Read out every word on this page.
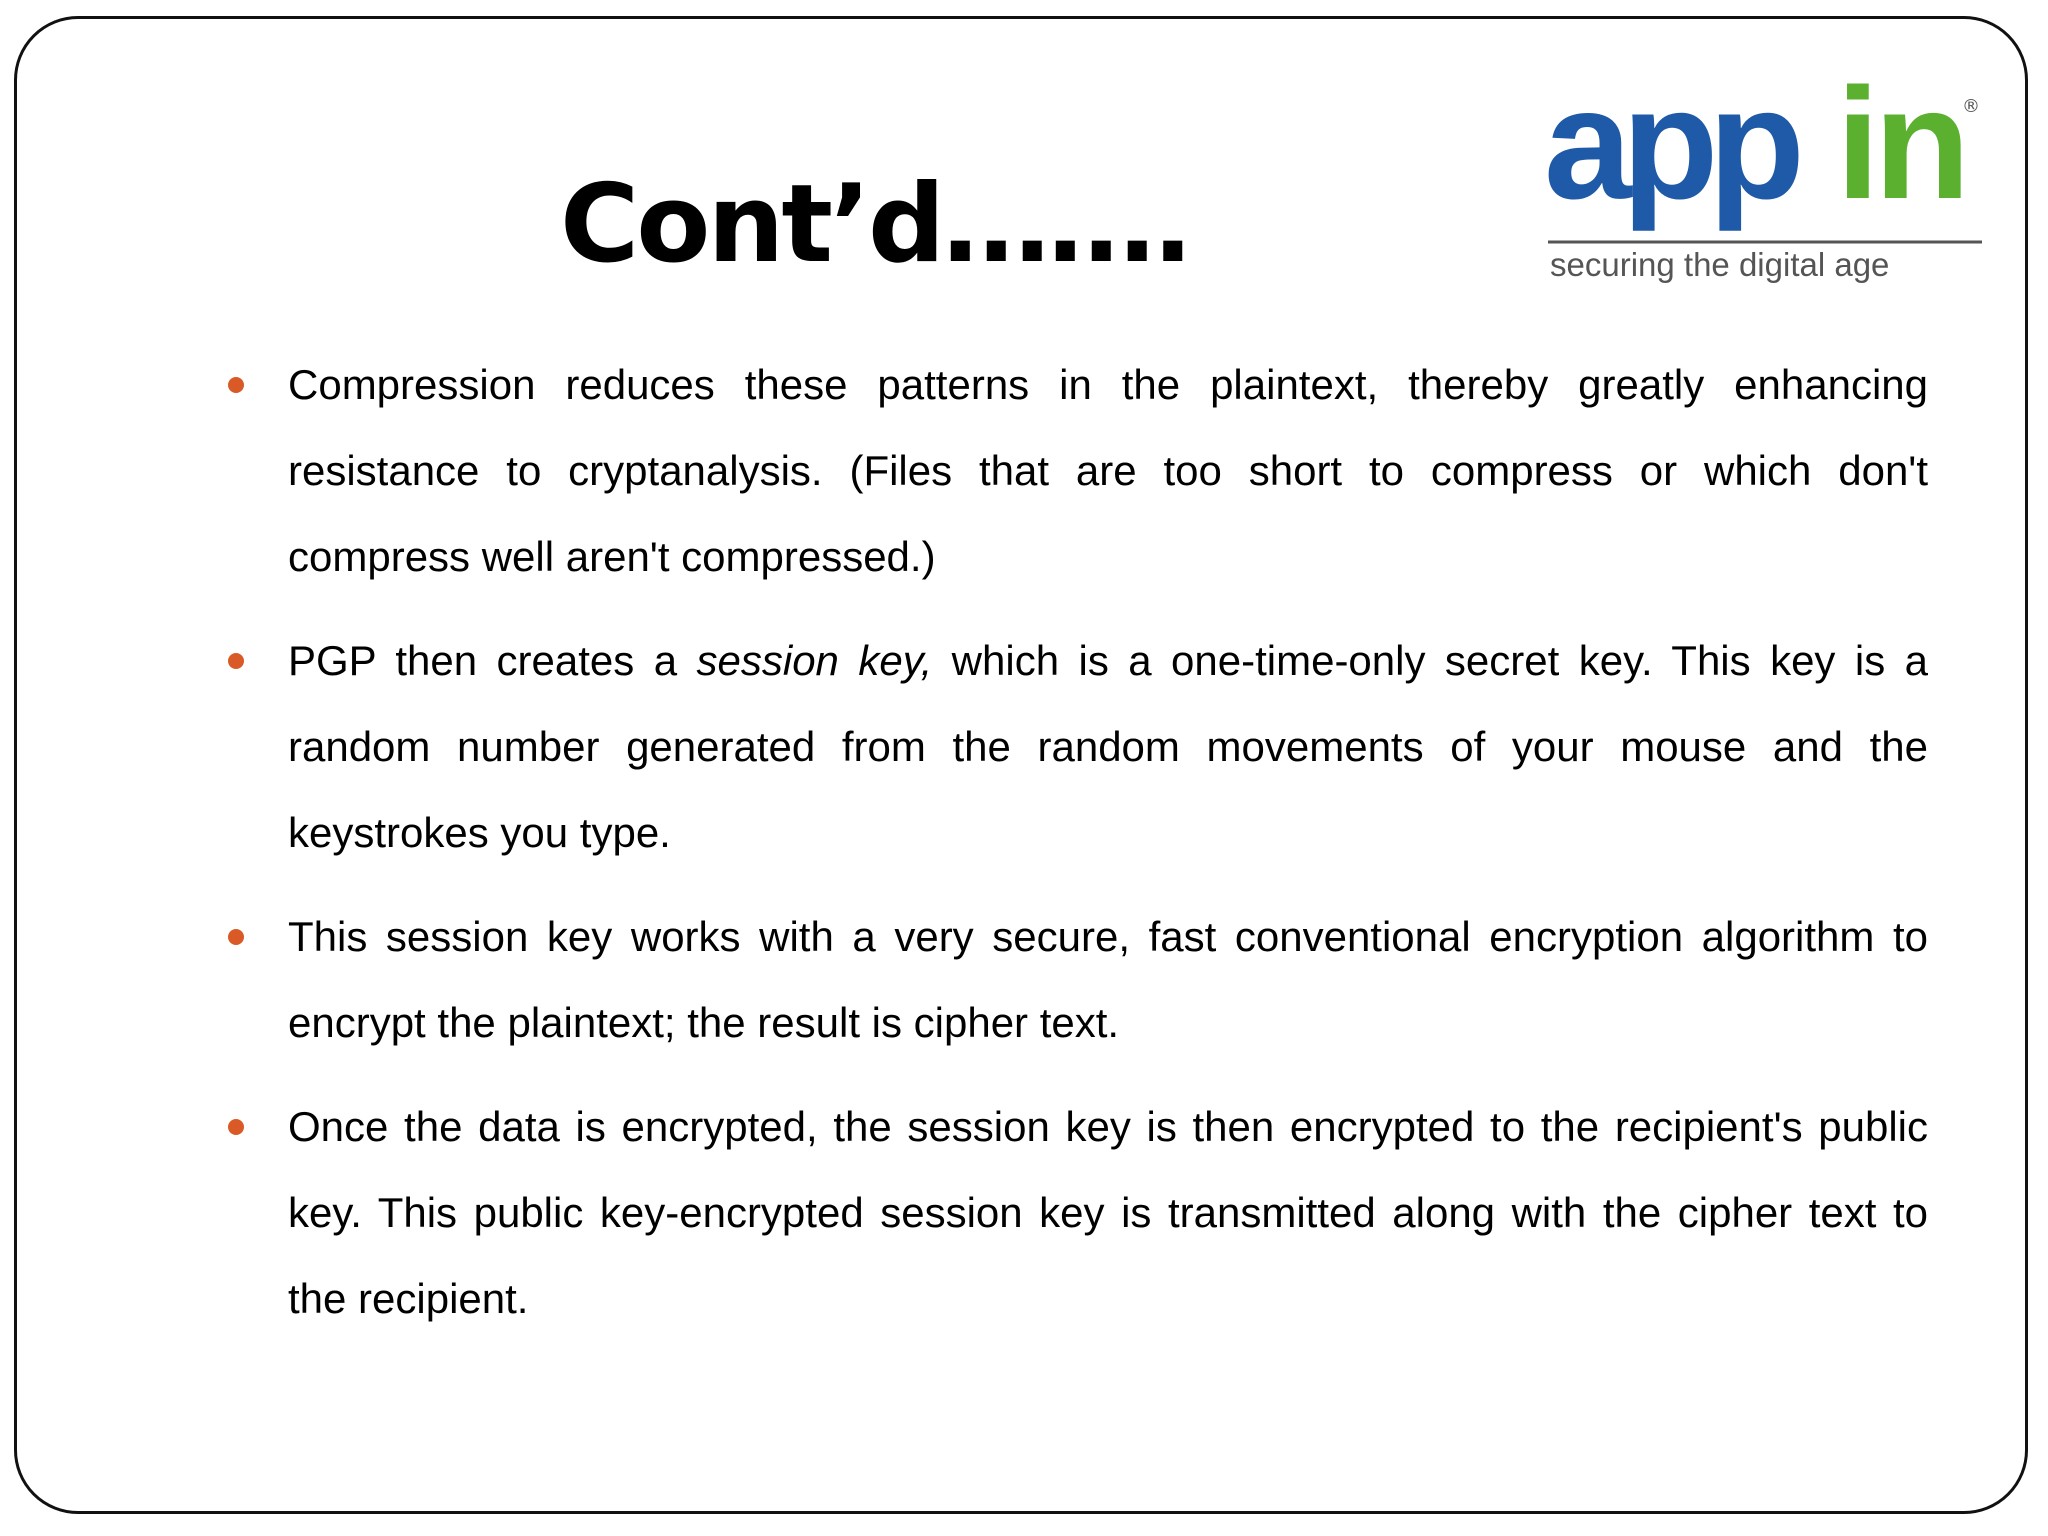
Cont’d……. app in
®
securing the digital age
Compression reduces these patterns in the plaintext, thereby greatly enhancing resistance to cryptanalysis. (Files that are too short to compress or which don't compress well aren't compressed.)
PGP then creates a session key, which is a one-time-only secret key. This key is a random number generated from the random movements of your mouse and the keystrokes you type.
This session key works with a very secure, fast conventional encryption algorithm to encrypt the plaintext; the result is cipher text.
Once the data is encrypted, the session key is then encrypted to the recipient's public key. This public key-encrypted session key is transmitted along with the cipher text to the recipient.
